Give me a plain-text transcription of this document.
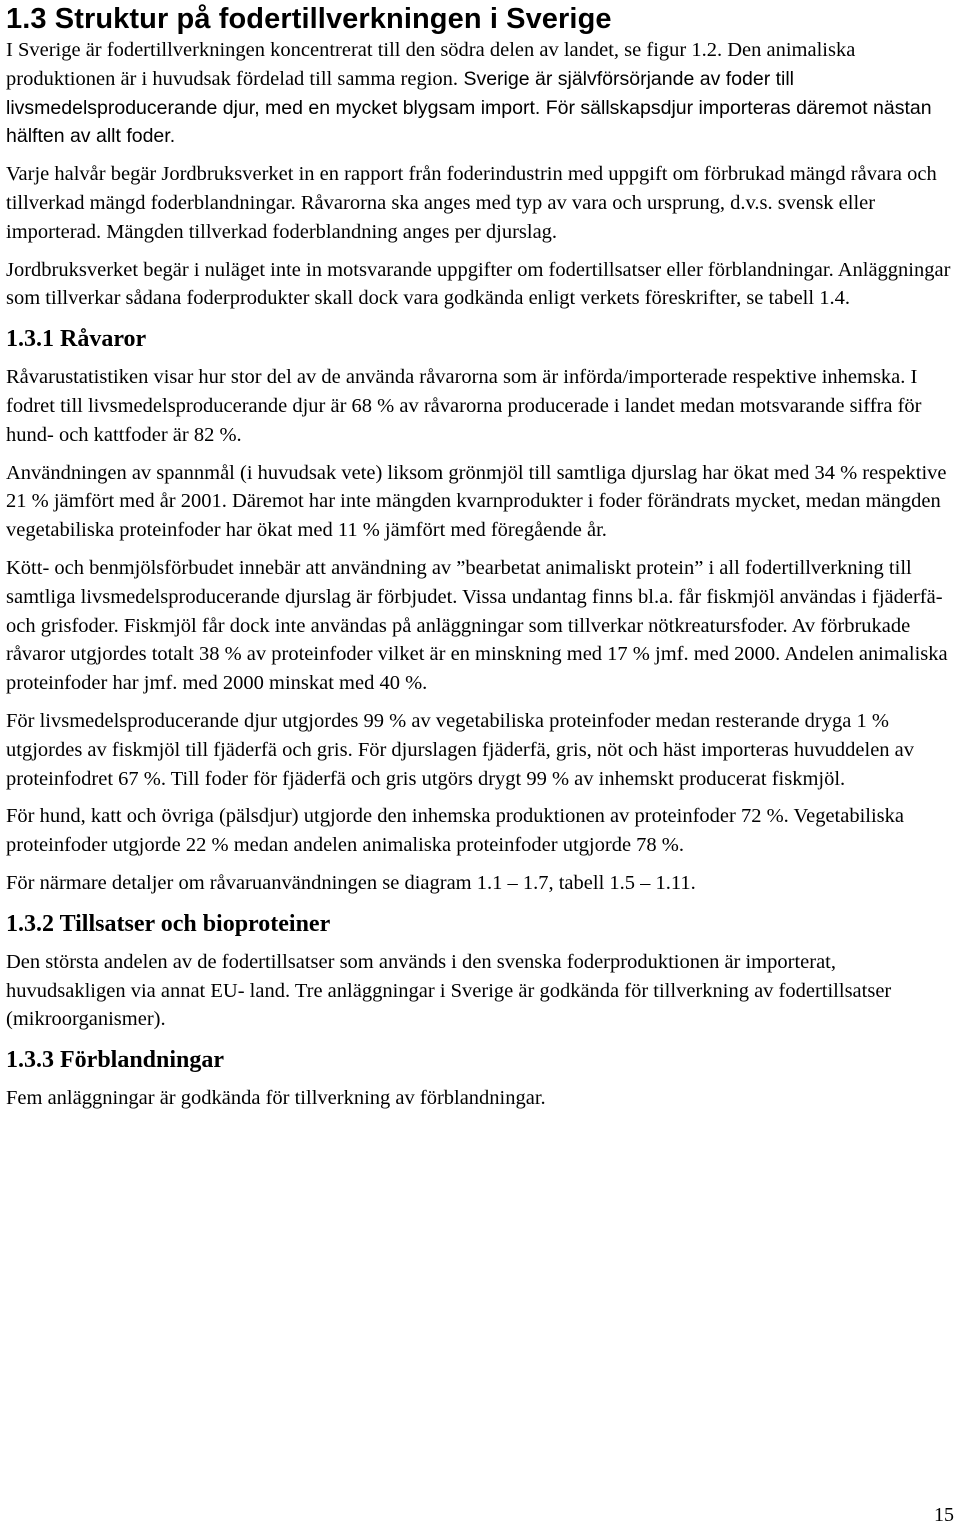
1.3 Struktur på fodertillverkningen i Sverige

I Sverige är fodertillverkningen koncentrerat till den södra delen av landet, se figur 1.2. Den animaliska produktionen är i huvudsak fördelad till samma region. Sverige är självförsörjande av foder till livsmedelsproducerande djur, med en mycket blygsam import. För sällskapsdjur importeras däremot nästan hälften av allt foder.

Varje halvår begär Jordbruksverket in en rapport från foderindustrin med uppgift om förbrukad mängd råvara och tillverkad mängd foderblandningar. Råvarorna ska anges med typ av vara och ursprung, d.v.s. svensk eller importerad. Mängden tillverkad foderblandning anges per djurslag.

Jordbruksverket begär i nuläget inte in motsvarande uppgifter om fodertillsatser eller förblandningar. Anläggningar som tillverkar sådana foderprodukter skall dock vara godkända enligt verkets föreskrifter, se tabell 1.4.

1.3.1 Råvaror

Råvarustatistiken visar hur stor del av de använda råvarorna som är införda/importerade respektive inhemska. I fodret till livsmedelsproducerande djur är 68 % av råvarorna producerade i landet medan motsvarande siffra för hund- och kattfoder är 82 %.

Användningen av spannmål (i huvudsak vete) liksom grönmjöl till samtliga djurslag har ökat med 34 % respektive 21 % jämfört med år 2001. Däremot har inte mängden kvarnprodukter i foder förändrats mycket, medan mängden vegetabiliska proteinfoder har ökat med 11 % jämfört med föregående år.

Kött- och benmjölsförbudet innebär att användning av ”bearbetat animaliskt protein” i all fodertillverkning till samtliga livsmedelsproducerande djurslag är förbjudet. Vissa undantag finns bl.a. får fiskmjöl användas i fjäderfä- och grisfoder. Fiskmjöl får dock inte användas på anläggningar som tillverkar nötkreatursfoder. Av förbrukade råvaror utgjordes totalt 38 % av proteinfoder vilket är en minskning med 17 % jmf. med 2000. Andelen animaliska proteinfoder har jmf. med 2000 minskat med 40 %.

För livsmedelsproducerande djur utgjordes 99 % av vegetabiliska proteinfoder medan resterande dryga 1 % utgjordes av fiskmjöl till fjäderfä och gris. För djurslagen fjäderfä, gris, nöt och häst importeras huvuddelen av proteinfodret 67 %. Till foder för fjäderfä och gris utgörs drygt 99 % av inhemskt producerat fiskmjöl.

För hund, katt och övriga (pälsdjur) utgjorde den inhemska produktionen av proteinfoder 72 %. Vegetabiliska proteinfoder utgjorde 22 % medan andelen animaliska proteinfoder utgjorde 78 %.

För närmare detaljer om råvaruanvändningen se diagram 1.1 – 1.7, tabell 1.5 – 1.11.

1.3.2 Tillsatser och bioproteiner

Den största andelen av de fodertillsatser som används i den svenska foderproduktionen är importerat, huvudsakligen via annat EU- land. Tre anläggningar i Sverige är godkända för tillverkning av fodertillsatser (mikroorganismer).

1.3.3 Förblandningar

Fem anläggningar är godkända för tillverkning av förblandningar.

15
